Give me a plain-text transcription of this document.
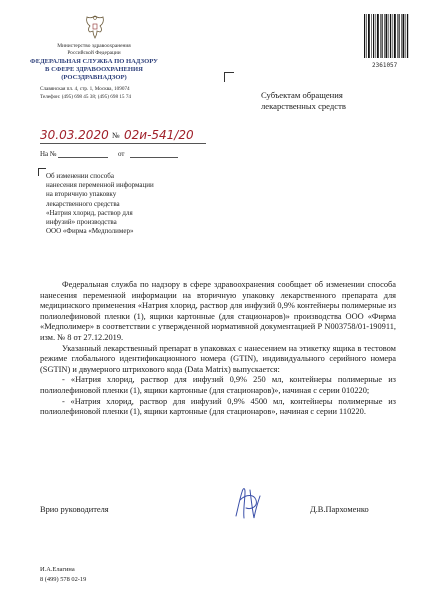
Министерство здравоохранения
Российской Федерации
ФЕДЕРАЛЬНАЯ СЛУЖБА ПО НАДЗОРУ
В СФЕРЕ ЗДРАВООХРАНЕНИЯ
(РОСЗДРАВНАДЗОР)
Славянская пл. 4, стр. 1, Москва, 109074
Телефон: (495) 698 45 38; (495) 698 15 74
2361057
Субъектам обращения
лекарственных средств
30.03.2020 № 02и-541/20
На №	от
Об изменении способа
нанесения переменной информации
на вторичную упаковку
лекарственного средства
«Натрия хлорид, раствор для
инфузий» производства
ООО «Фирма «Медполимер»

Федеральная служба по надзору в сфере здравоохранения сообщает об изменении способа нанесения переменной информации на вторичную упаковку лекарственного препарата для медицинского применения «Натрия хлорид, раствор для инфузий 0,9% контейнеры полимерные из полиолефиновой пленки (1), ящики картонные (для стационаров)» производства ООО «Фирма «Медполимер» в соответствии с утвержденной нормативной документацией Р N003758/01-190911, изм. № 8 от 27.12.2019.

Указанный лекарственный препарат в упаковках с нанесением на этикетку ящика в тестовом режиме глобального идентификационного номера (GTIN), индивидуального серийного номера (SGTIN) и двумерного штрихового кода (Data Matrix) выпускается:

- «Натрия хлорид, раствор для инфузий 0,9% 250 мл, контейнеры полимерные из полиолефиновой пленки (1), ящики картонные (для стационаров)», начиная с серии 010220;

- «Натрия хлорид, раствор для инфузий 0,9% 4500 мл, контейнеры полимерные из полиолефиновой пленки (1), ящики картонные (для стационаров», начиная с серии 110220.

Врио руководителя	Д.В.Пархоменко
И.А.Елагина
8 (499) 578 02-19
